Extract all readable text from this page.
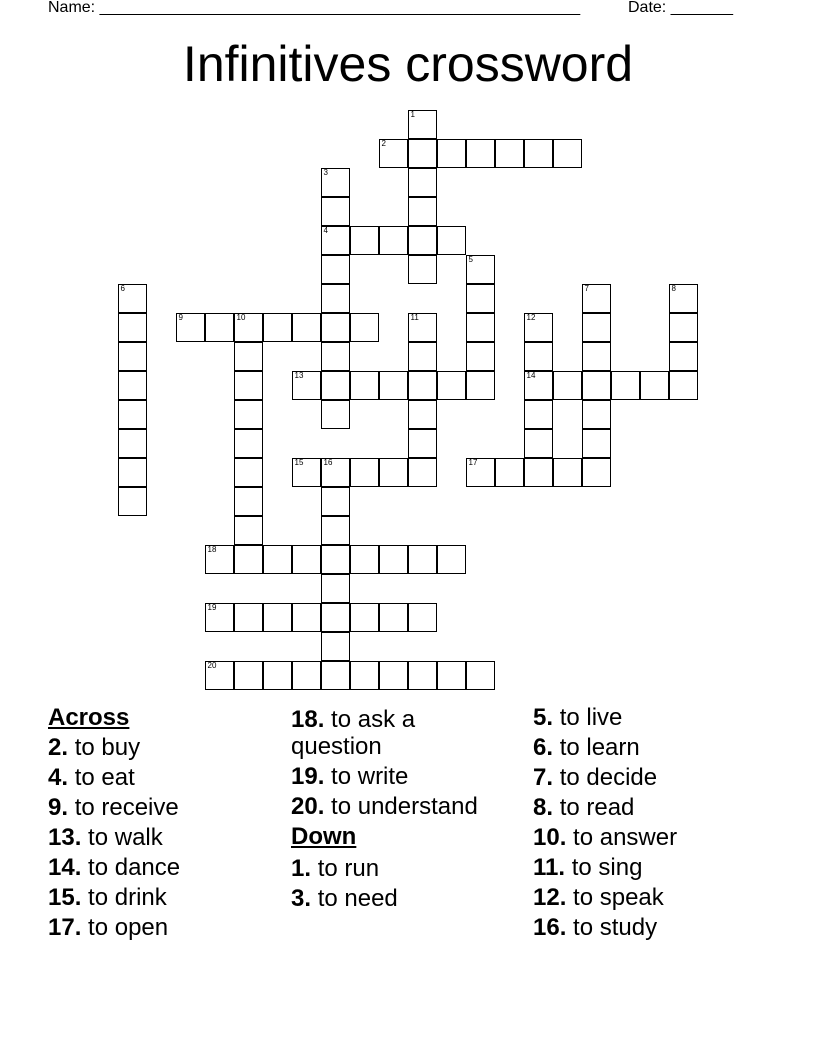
Name: ______________________________________________________	Date: _______
Infinitives crossword
1
2
3
4
5
6	7	8
9	10	11	12
14
13
15	16	17
18
19
20
Across
2. to buy
4. to eat
9. to receive
13. to walk
14. to dance
15. to drink
17. to open
18. to ask a question
19. to write
20. to understand
Down
1. to run
3. to need
5. to live
6. to learn
7. to decide
8. to read
10. to answer
11. to sing
12. to speak
16. to study
